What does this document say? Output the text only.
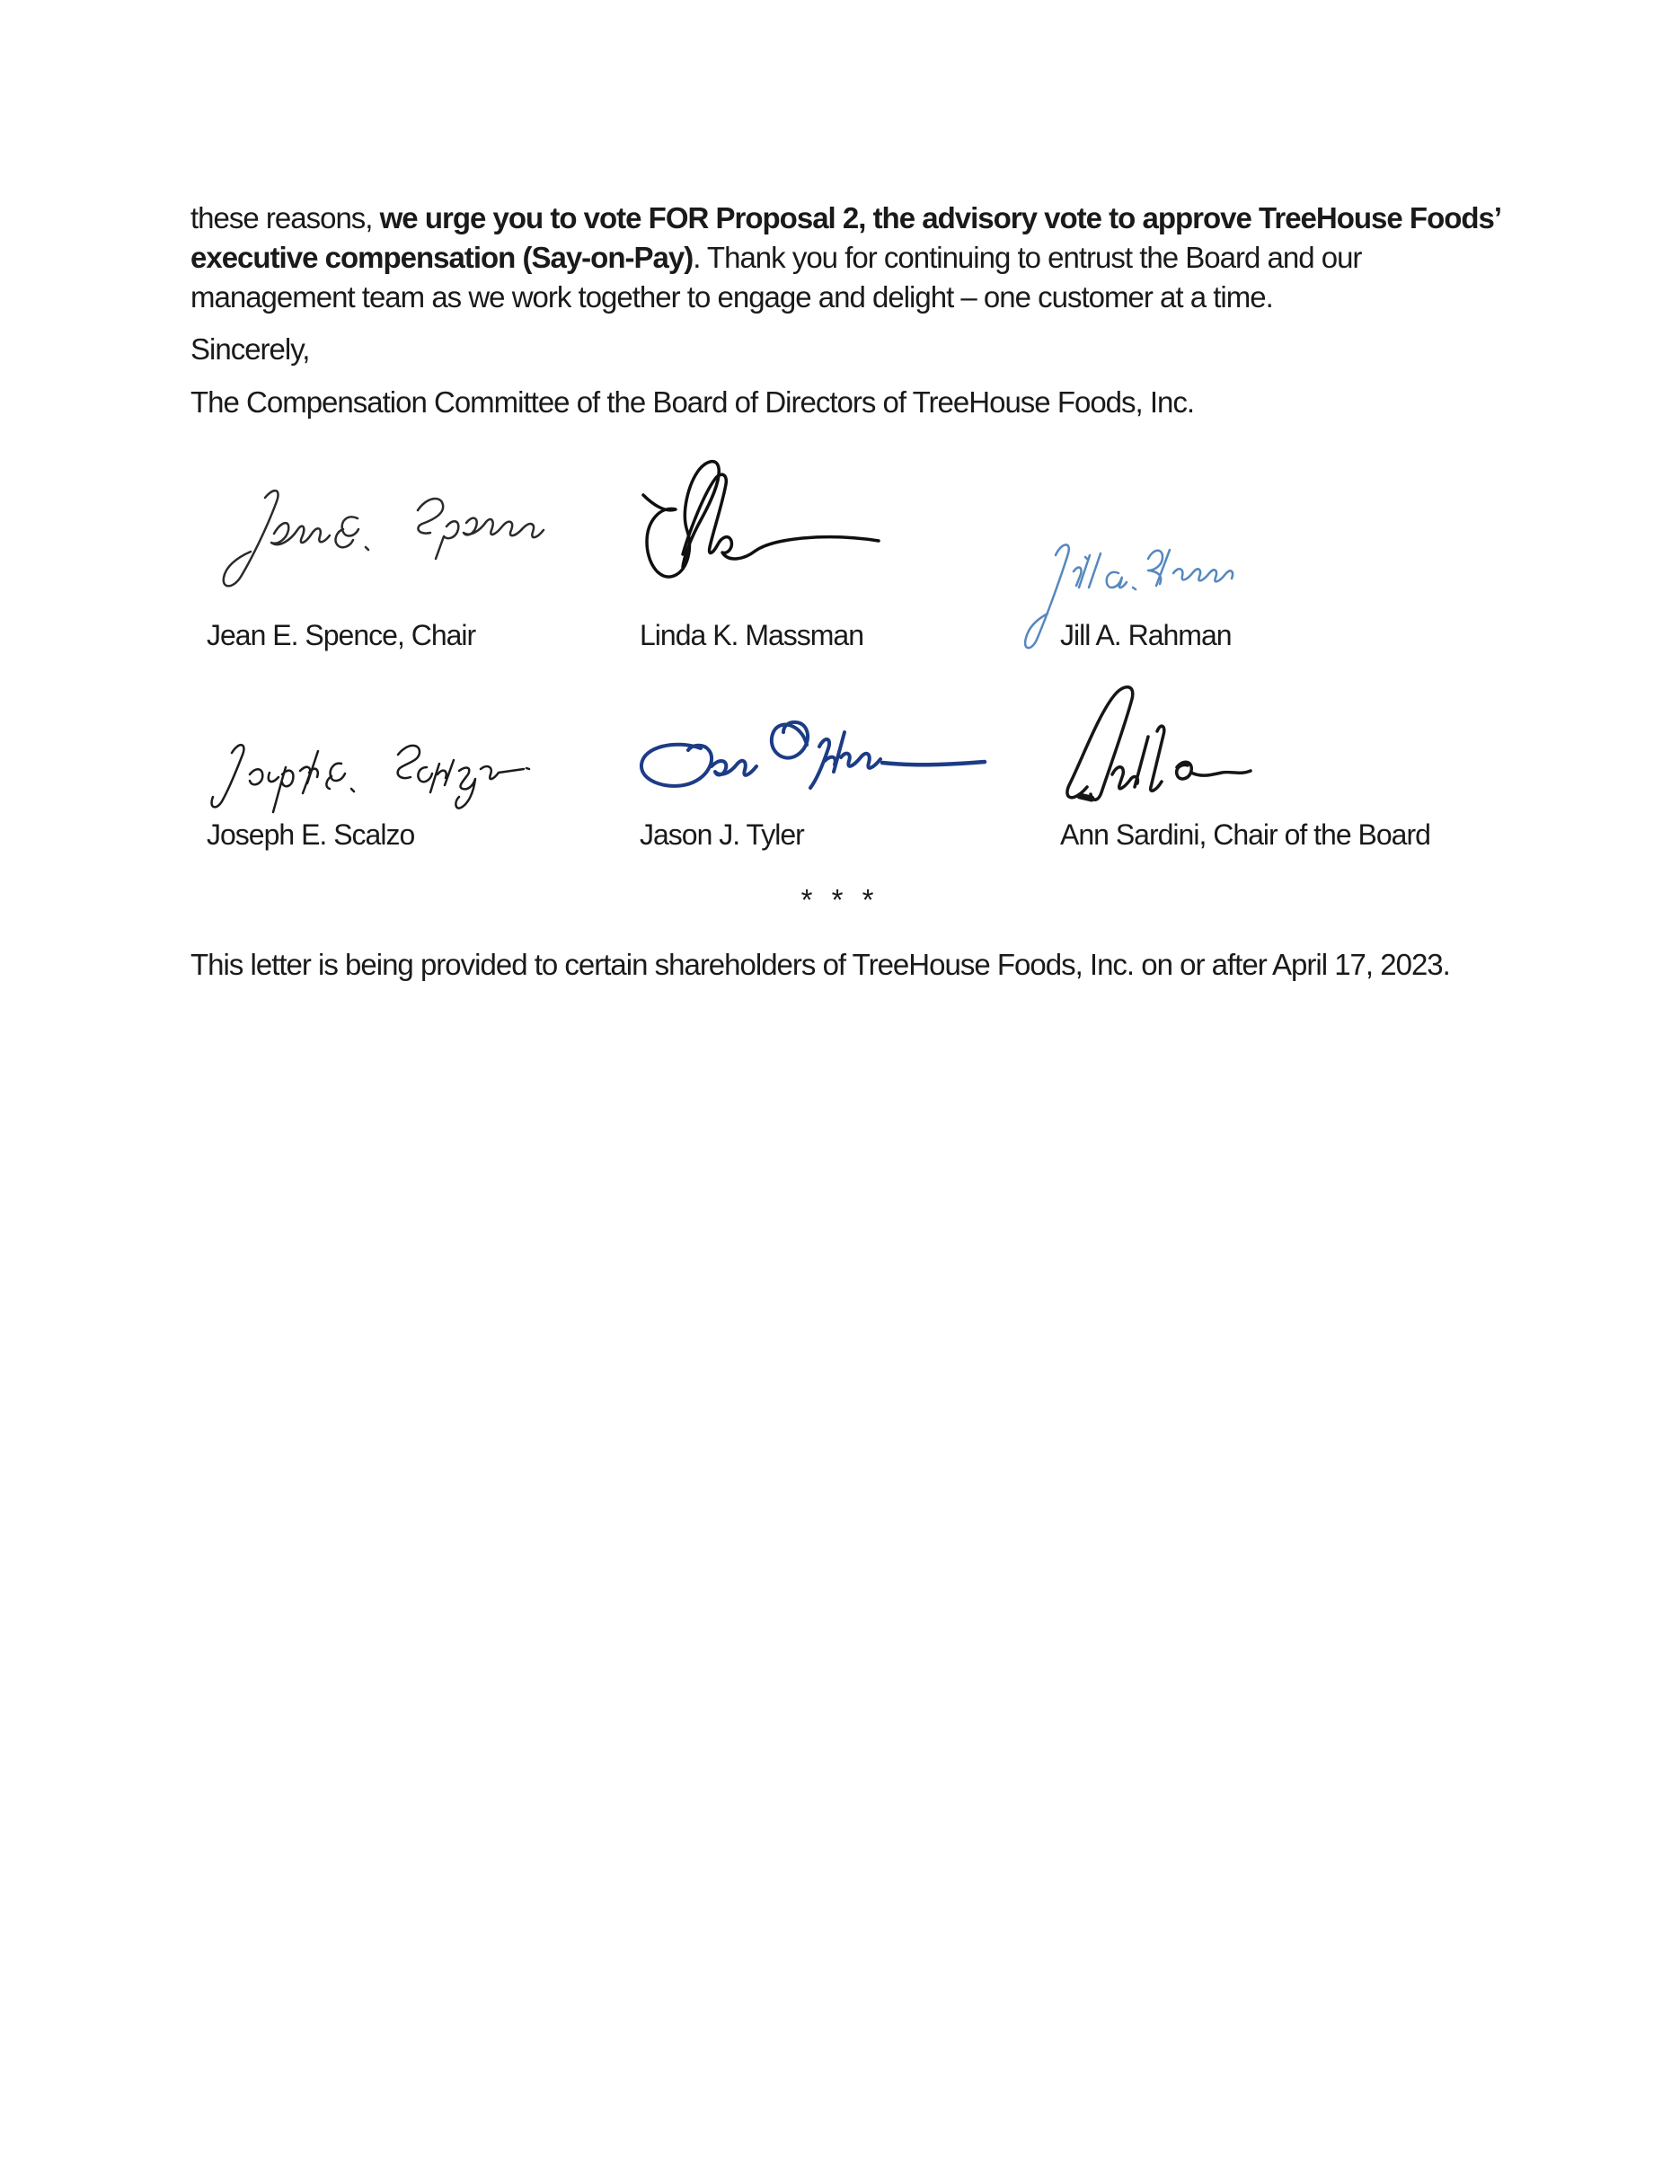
these reasons, we urge you to vote FOR Proposal 2, the advisory vote to approve TreeHouse Foods’
executive compensation (Say-on-Pay). Thank you for continuing to entrust the Board and our
management team as we work together to engage and delight – one customer at a time.
Sincerely,
The Compensation Committee of the Board of Directors of TreeHouse Foods, Inc.
Jean E. Spence, Chair	Linda K. Massman	Jill A. Rahman
Joseph E. Scalzo	Jason J. Tyler	Ann Sardini, Chair of the Board
* * *
This letter is being provided to certain shareholders of TreeHouse Foods, Inc. on or after April 17, 2023.
